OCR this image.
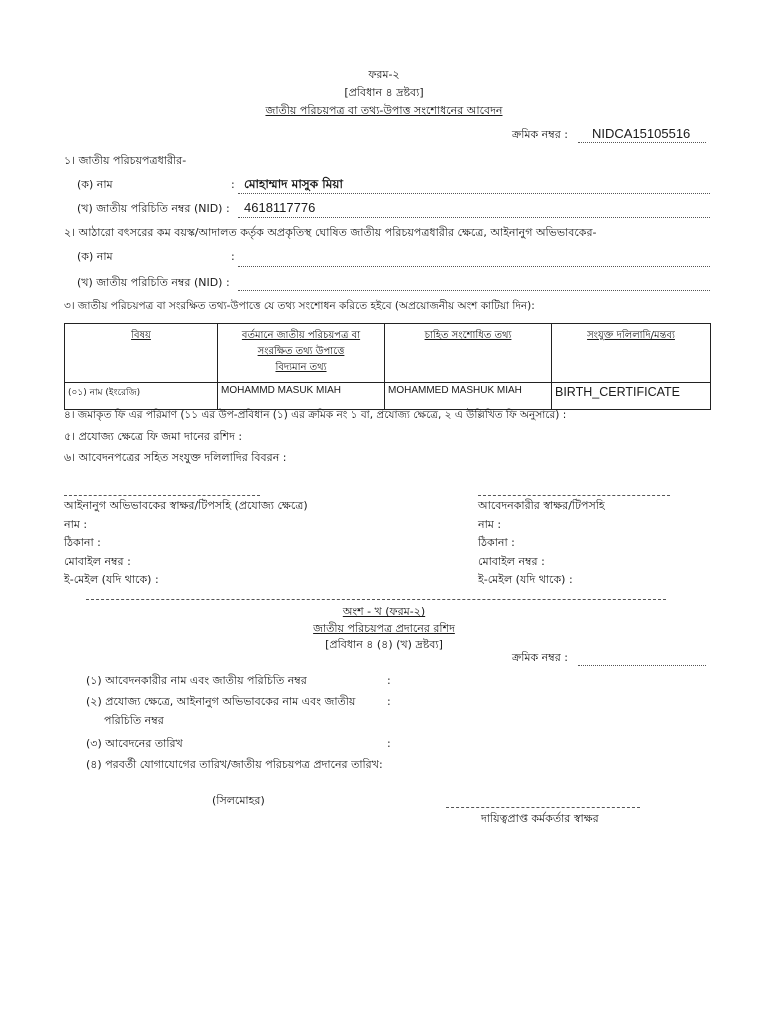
ফরম-২
[প্রবিধান ৪ দ্রষ্টব্য]
জাতীয় পরিচয়পত্র বা তথ্য-উপাত্ত সংশোধনের আবেদন
ক্রমিক নম্বর : NIDCA15105516
১। জাতীয় পরিচয়পত্রধারীর-
(ক) নাম	: মোহাম্মাদ মাসুক মিয়া
(খ) জাতীয় পরিচিতি নম্বর (NID) : 4618117776
২। আঠারো বৎসরের কম বয়স্ক/আদালত কর্তৃক অপ্রকৃতিস্থ ঘোষিত জাতীয় পরিচয়পত্রধারীর ক্ষেত্রে, আইনানুগ অভিভাবকের-
(ক) নাম	:
(খ) জাতীয় পরিচিতি নম্বর (NID) :
৩। জাতীয় পরিচয়পত্র বা সংরক্ষিত তথ্য-উপাত্তে যে তথ্য সংশোধন করিতে হইবে (অপ্রয়োজনীয় অংশ কাটিয়া দিন):
বিষয়	বর্তমানে জাতীয় পরিচয়পত্র বা
সংরক্ষিত তথ্য উপাত্তে
বিদ্যমান তথ্য	চাহিত সংশোধিত তথ্য	সংযুক্ত দলিলাদি/মন্তব্য
(০১) নাম (ইংরেজি)	MOHAMMD MASUK MIAH	MOHAMMED MASHUK MIAH	BIRTH_CERTIFICATE
৪। জমাকৃত ফি এর পরিমাণ (১১ এর উপ-প্রবিধান (১) এর ক্রমিক নং ১ বা, প্রযোজ্য ক্ষেত্রে, ২ এ উল্লিখিত ফি অনুসারে) :
৫। প্রযোজ্য ক্ষেত্রে ফি জমা দানের রশিদ :
৬। আবেদনপত্রের সহিত সংযুক্ত দলিলাদির বিবরন :
আইনানুগ অভিভাবকের স্বাক্ষর/টিপসহি (প্রযোজ্য ক্ষেত্রে)
নাম :
ঠিকানা :
মোবাইল নম্বর :
ই-মেইল (যদি থাকে) :
আবেদনকারীর স্বাক্ষর/টিপসহি
নাম :
ঠিকানা :
মোবাইল নম্বর :
ই-মেইল (যদি থাকে) :
অংশ - খ (ফরম-২)
জাতীয় পরিচয়পত্র প্রদানের রশিদ
[প্রবিধান ৪ (৪) (খ) দ্রষ্টব্য]
ক্রমিক নম্বর :
(১) আবেদনকারীর নাম এবং জাতীয় পরিচিতি নম্বর	:
(২) প্রযোজ্য ক্ষেত্রে, আইনানুগ অভিভাবকের নাম এবং জাতীয়	:
পরিচিতি নম্বর
(৩) আবেদনের তারিখ	:
(৪) পরবর্তী যোগাযোগের তারিখ/জাতীয় পরিচয়পত্র প্রদানের তারিখ:
(সিলমোহর)
দায়িত্বপ্রাপ্ত কর্মকর্তার স্বাক্ষর
